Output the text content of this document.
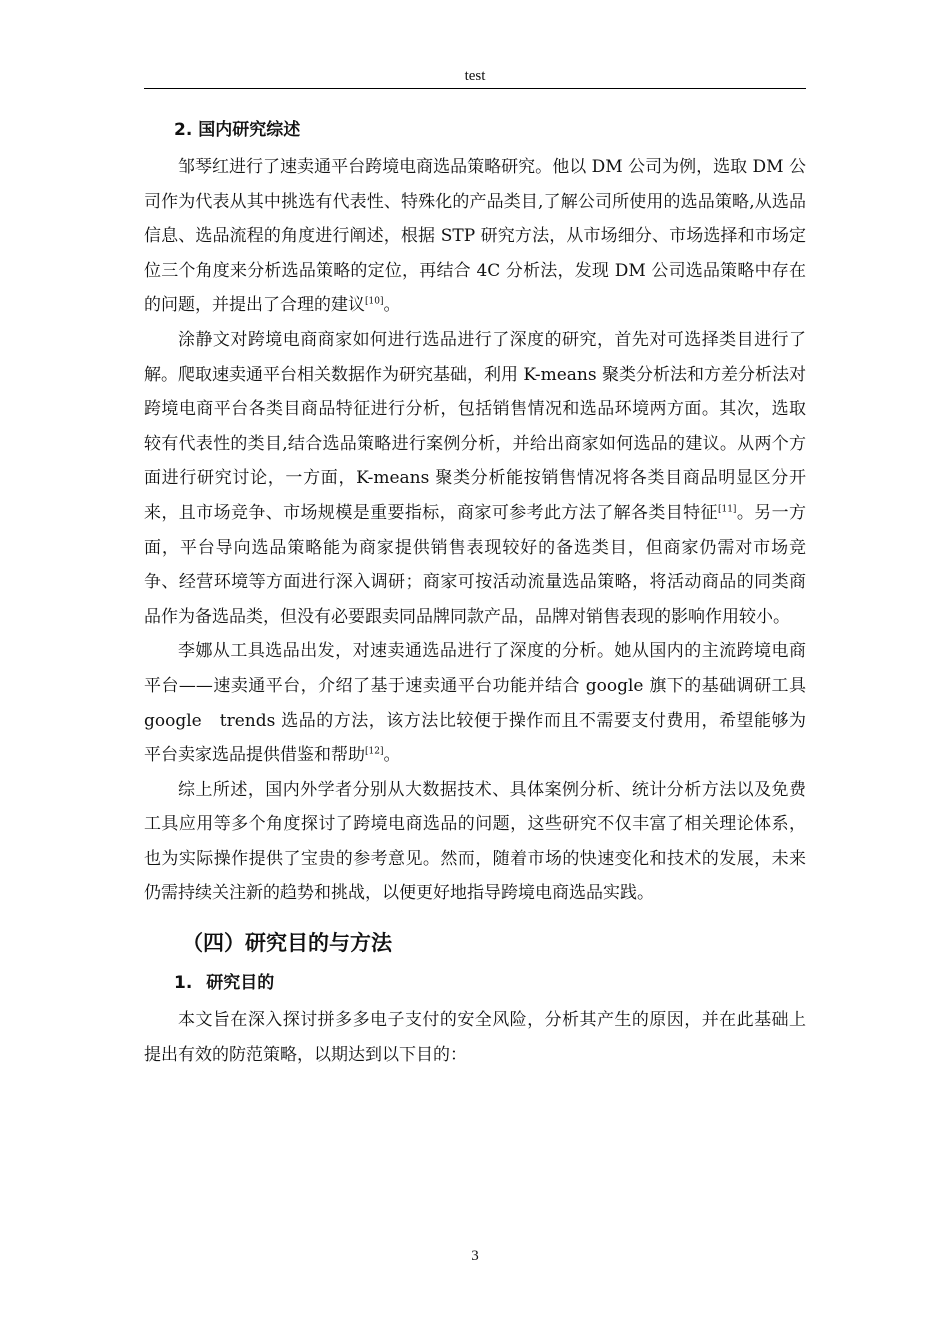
test
2. 国内研究综述

邹琴红进行了速卖通平台跨境电商选品策略研究。他以 DM 公司为例，选取 DM 公司作为代表从其中挑选有代表性、特殊化的产品类目,了解公司所使用的选品策略,从选品信息、选品流程的角度进行阐述，根据 STP 研究方法，从市场细分、市场选择和市场定位三个角度来分析选品策略的定位，再结合 4C 分析法，发现 DM 公司选品策略中存在的问题，并提出了合理的建议[10]。

涂静文对跨境电商商家如何进行选品进行了深度的研究，首先对可选择类目进行了解。爬取速卖通平台相关数据作为研究基础，利用 K-means 聚类分析法和方差分析法对跨境电商平台各类目商品特征进行分析，包括销售情况和选品环境两方面。其次，选取较有代表性的类目,结合选品策略进行案例分析，并给出商家如何选品的建议。从两个方面进行研究讨论，一方面，K-means 聚类分析能按销售情况将各类目商品明显区分开来，且市场竞争、市场规模是重要指标，商家可参考此方法了解各类目特征[11]。另一方面，平台导向选品策略能为商家提供销售表现较好的备选类目，但商家仍需对市场竞争、经营环境等方面进行深入调研；商家可按活动流量选品策略，将活动商品的同类商品作为备选品类，但没有必要跟卖同品牌同款产品，品牌对销售表现的影响作用较小。

李娜从工具选品出发，对速卖通选品进行了深度的分析。她从国内的主流跨境电商平台——速卖通平台，介绍了基于速卖通平台功能并结合 google 旗下的基础调研工具 google　trends 选品的方法，该方法比较便于操作而且不需要支付费用，希望能够为平台卖家选品提供借鉴和帮助[12]。

综上所述，国内外学者分别从大数据技术、具体案例分析、统计分析方法以及免费工具应用等多个角度探讨了跨境电商选品的问题，这些研究不仅丰富了相关理论体系，也为实际操作提供了宝贵的参考意见。然而，随着市场的快速变化和技术的发展，未来仍需持续关注新的趋势和挑战，以便更好地指导跨境电商选品实践。

（四）研究目的与方法
1. 研究目的

本文旨在深入探讨拼多多电子支付的安全风险，分析其产生的原因，并在此基础上提出有效的防范策略，以期达到以下目的：

3
